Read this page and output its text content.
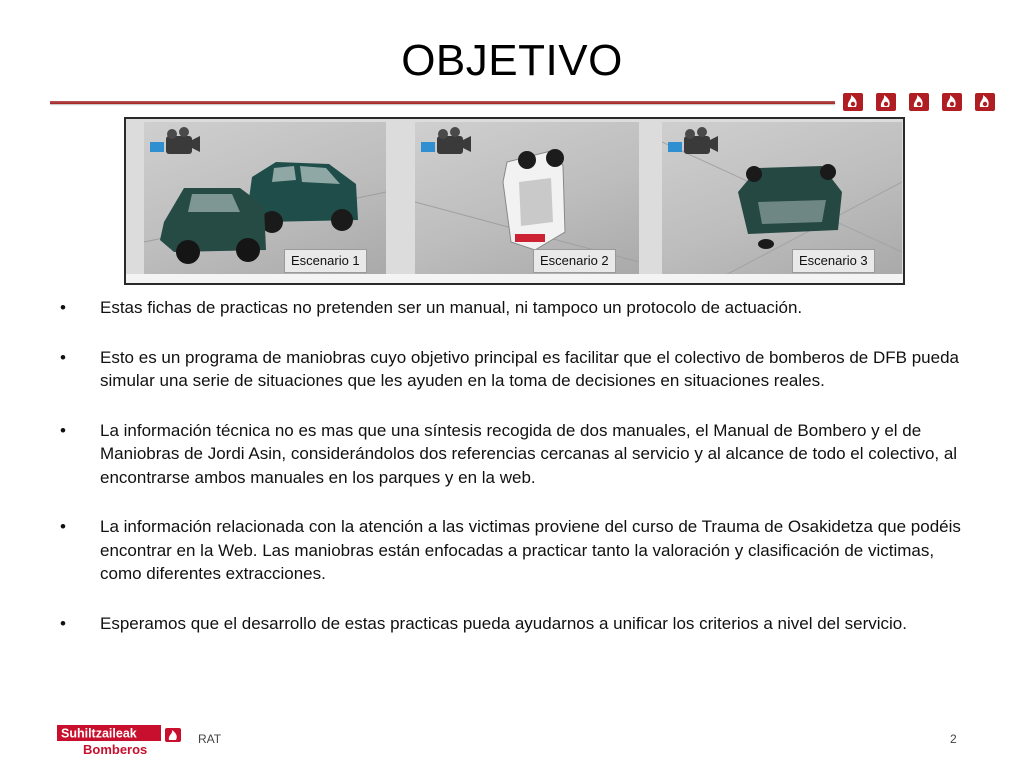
OBJETIVO
Escenario 1	Escenario 2	Escenario 3
•	Estas fichas de practicas no pretenden ser un manual, ni tampoco un protocolo de actuación.
•	Esto es un programa de maniobras cuyo objetivo principal es facilitar que el colectivo de bomberos de DFB pueda simular una serie de situaciones que les ayuden en la toma de decisiones en situaciones reales.
•	La información técnica no es mas que una síntesis recogida de dos manuales, el Manual de Bombero y el de Maniobras de Jordi Asin, considerándolos dos referencias cercanas al servicio y al alcance de todo el colectivo, al encontrarse ambos manuales en los parques y en la web.
•	La información relacionada con la atención a las victimas proviene del curso de Trauma de Osakidetza que podéis encontrar en la Web. Las maniobras están enfocadas a practicar tanto la valoración y clasificación de victimas, como diferentes extracciones.
•	Esperamos que el desarrollo de estas practicas pueda ayudarnos a unificar los criterios a nivel del servicio.
Suhiltzaileak
Bomberos
RAT	2
